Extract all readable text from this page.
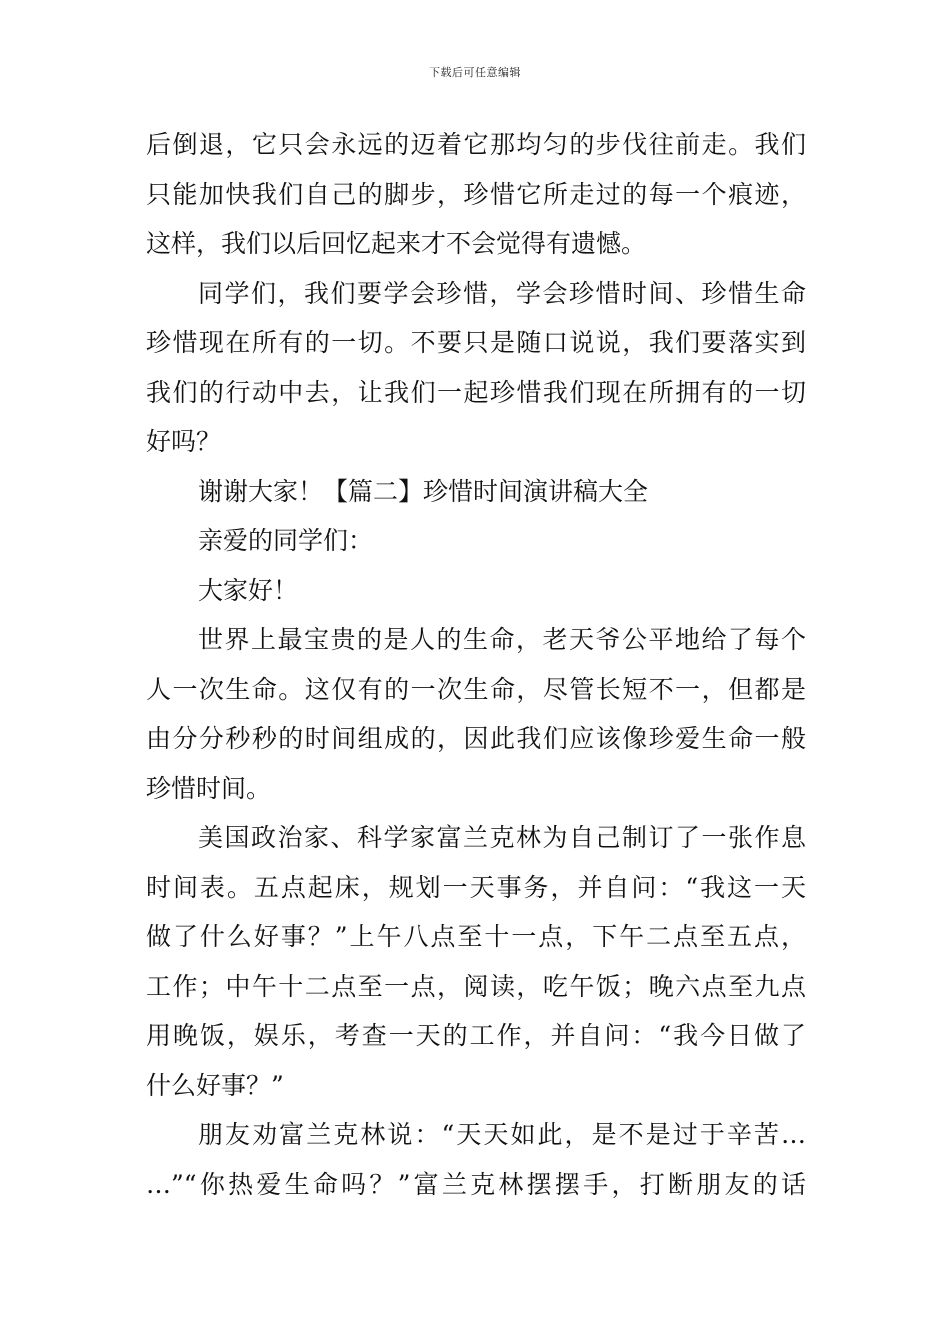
下载后可任意编辑
后倒退，它只会永远的迈着它那均匀的步伐往前走。我们
只能加快我们自己的脚步，珍惜它所走过的每一个痕迹，
这样，我们以后回忆起来才不会觉得有遗憾。
同学们，我们要学会珍惜，学会珍惜时间、珍惜生命
珍惜现在所有的一切。不要只是随口说说，我们要落实到
我们的行动中去，让我们一起珍惜我们现在所拥有的一切
好吗？
谢谢大家！【篇二】珍惜时间演讲稿大全
亲爱的同学们：
大家好！
世界上最宝贵的是人的生命，老天爷公平地给了每个
人一次生命。这仅有的一次生命，尽管长短不一，但都是
由分分秒秒的时间组成的，因此我们应该像珍爱生命一般
珍惜时间。
美国政治家、科学家富兰克林为自己制订了一张作息
时间表。五点起床，规划一天事务，并自问：“我这一天
做了什么好事？”上午八点至十一点，下午二点至五点，
工作；中午十二点至一点，阅读，吃午饭；晚六点至九点
用晚饭，娱乐，考查一天的工作，并自问：“我今日做了
什么好事？”
朋友劝富兰克林说：“天天如此，是不是过于辛苦…
…”“你热爱生命吗？”富兰克林摆摆手，打断朋友的话
